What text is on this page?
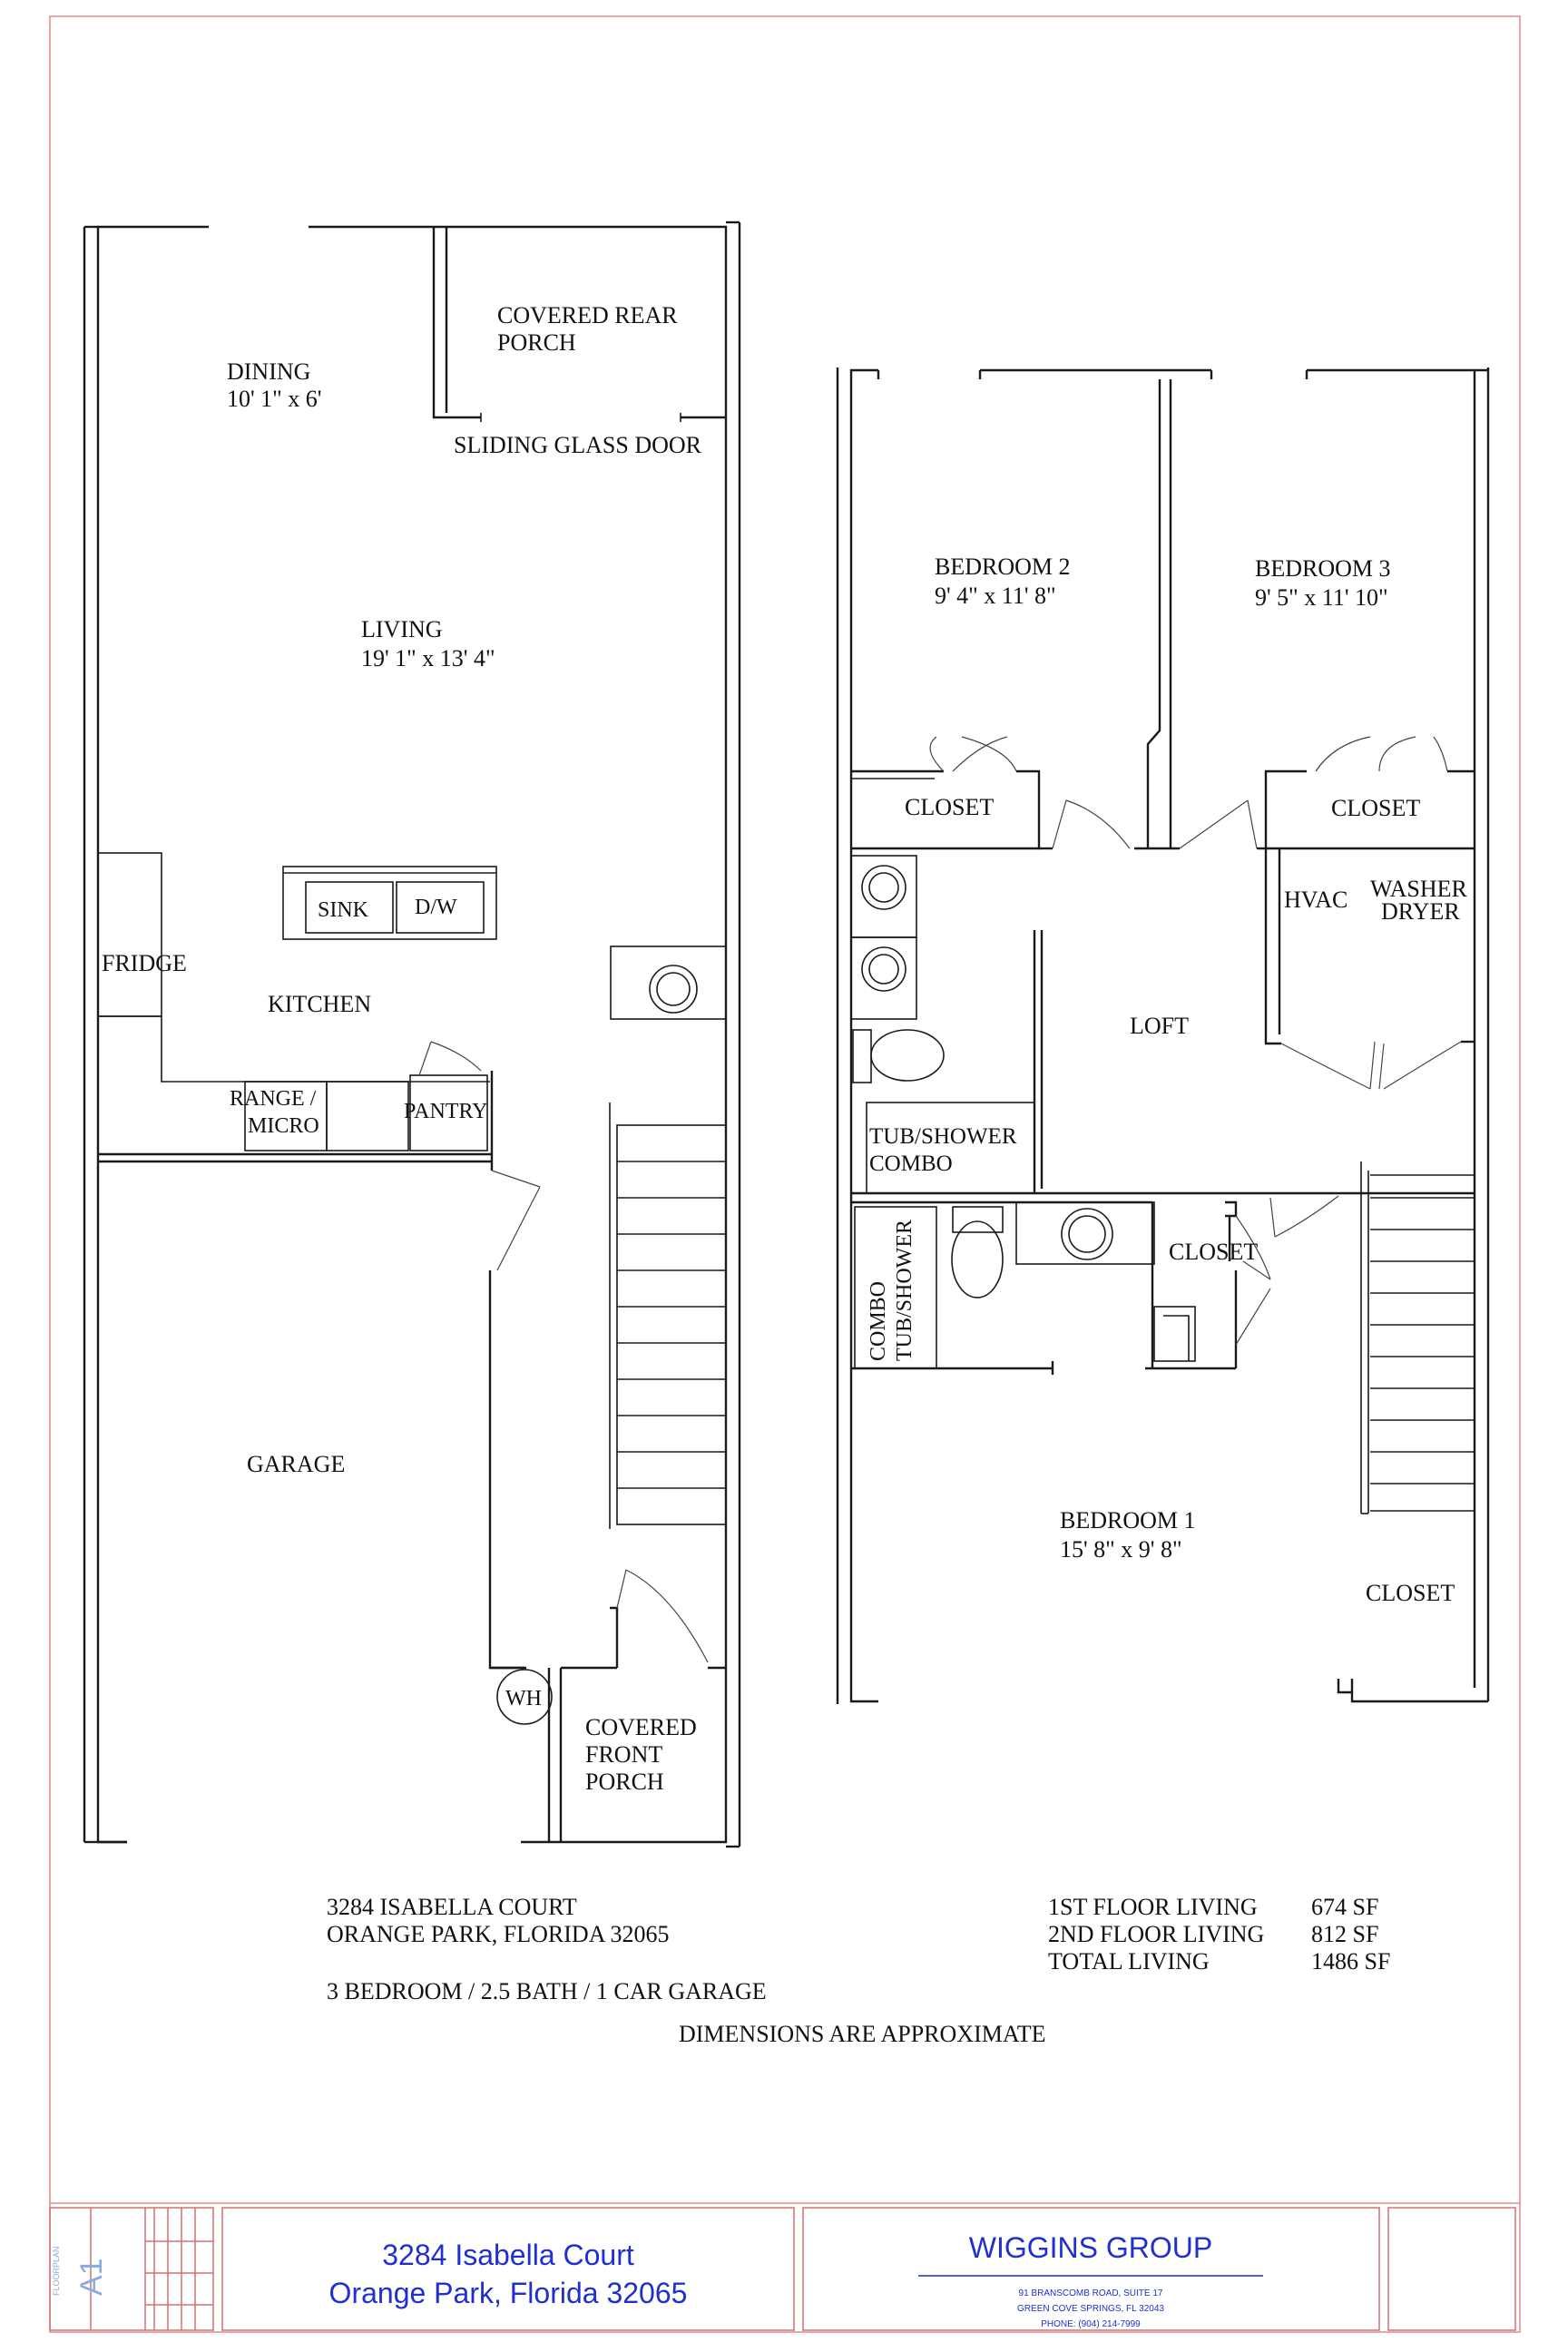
COVERED REAR
PORCH
DINING
10' 1" x 6'
SLIDING GLASS DOOR
LIVING
19' 1" x 13' 4"
SINK D/W
FRIDGE
KITCHEN
RANGE /
MICRO
PANTRY
GARAGE
WH
COVERED
FRONT
PORCH
BEDROOM 2
9' 4" x 11' 8"
BEDROOM 3
9' 5" x 11' 10"
CLOSET	CLOSET
HVAC WASHER
DRYER
LOFT
TUB/SHOWER
COMBO
COMBO TUB/SHOWER	CLOSET
BEDROOM 1
15' 8" x 9' 8"
CLOSET
3284 ISABELLA COURT
ORANGE PARK, FLORIDA 32065
3 BEDROOM / 2.5 BATH / 1 CAR GARAGE
DIMENSIONS ARE APPROXIMATE
1ST FLOOR LIVING 674 SF
2ND FLOOR LIVING 812 SF
TOTAL LIVING	1486 SF
A1
FLOORPLAN	3284 Isabella Court
Orange Park, Florida 32065
WIGGINS GROUP
91 BRANSCOMB ROAD, SUITE 17
GREEN COVE SPRINGS, FL 32043
PHONE: (904) 214-7999
